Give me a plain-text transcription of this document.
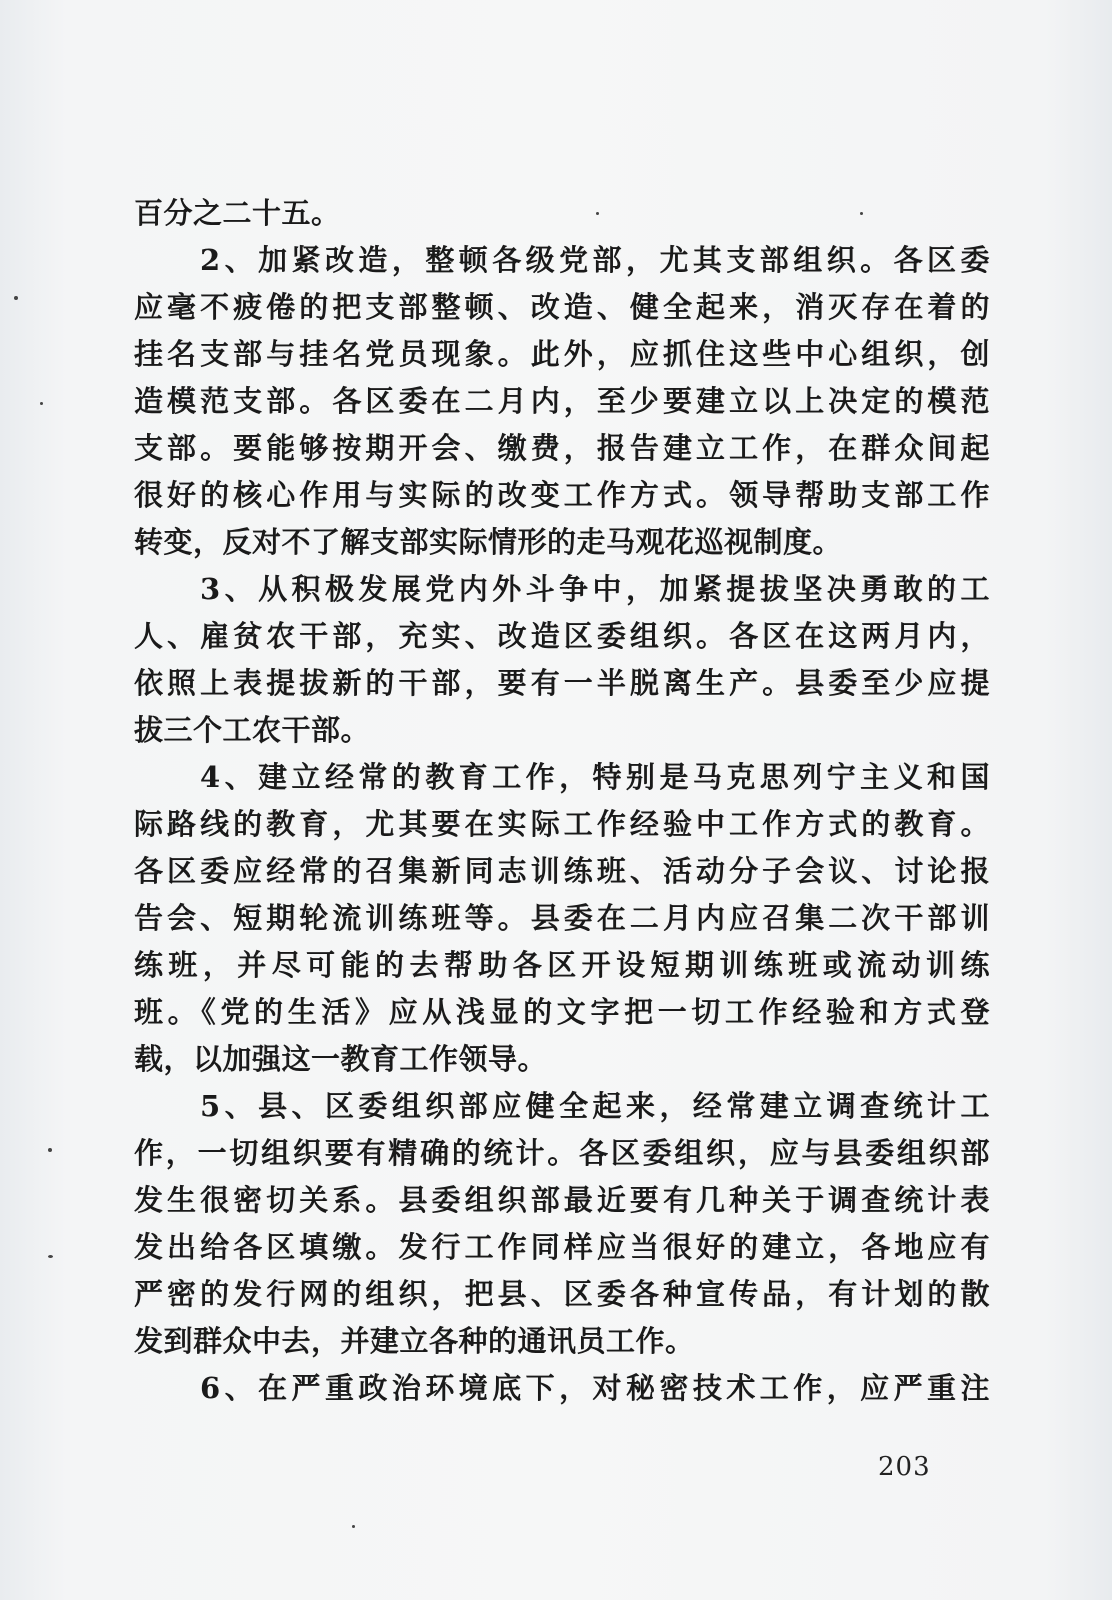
百分之二十五。
2、加紧改造，整顿各级党部，尤其支部组织。各区委
应毫不疲倦的把支部整顿、改造、健全起来，消灭存在着的
挂名支部与挂名党员现象。此外，应抓住这些中心组织，创
造模范支部。各区委在二月内，至少要建立以上决定的模范
支部。要能够按期开会、缴费，报告建立工作，在群众间起
很好的核心作用与实际的改变工作方式。领导帮助支部工作
转变，反对不了解支部实际情形的走马观花巡视制度。
3、从积极发展党内外斗争中，加紧提拔坚决勇敢的工
人、雇贫农干部，充实、改造区委组织。各区在这两月内，
依照上表提拔新的干部，要有一半脱离生产。县委至少应提
拔三个工农干部。
4、建立经常的教育工作，特别是马克思列宁主义和国
际路线的教育，尤其要在实际工作经验中工作方式的教育。
各区委应经常的召集新同志训练班、活动分子会议、讨论报
告会、短期轮流训练班等。县委在二月内应召集二次干部训
练班，并尽可能的去帮助各区开设短期训练班或流动训练
班。《党的生活》应从浅显的文字把一切工作经验和方式登
载，以加强这一教育工作领导。
5、县、区委组织部应健全起来，经常建立调查统计工
作，一切组织要有精确的统计。各区委组织，应与县委组织部
发生很密切关系。县委组织部最近要有几种关于调查统计表
发出给各区填缴。发行工作同样应当很好的建立，各地应有
严密的发行网的组织，把县、区委各种宣传品，有计划的散
发到群众中去，并建立各种的通讯员工作。
6、在严重政治环境底下，对秘密技术工作，应严重注
203
